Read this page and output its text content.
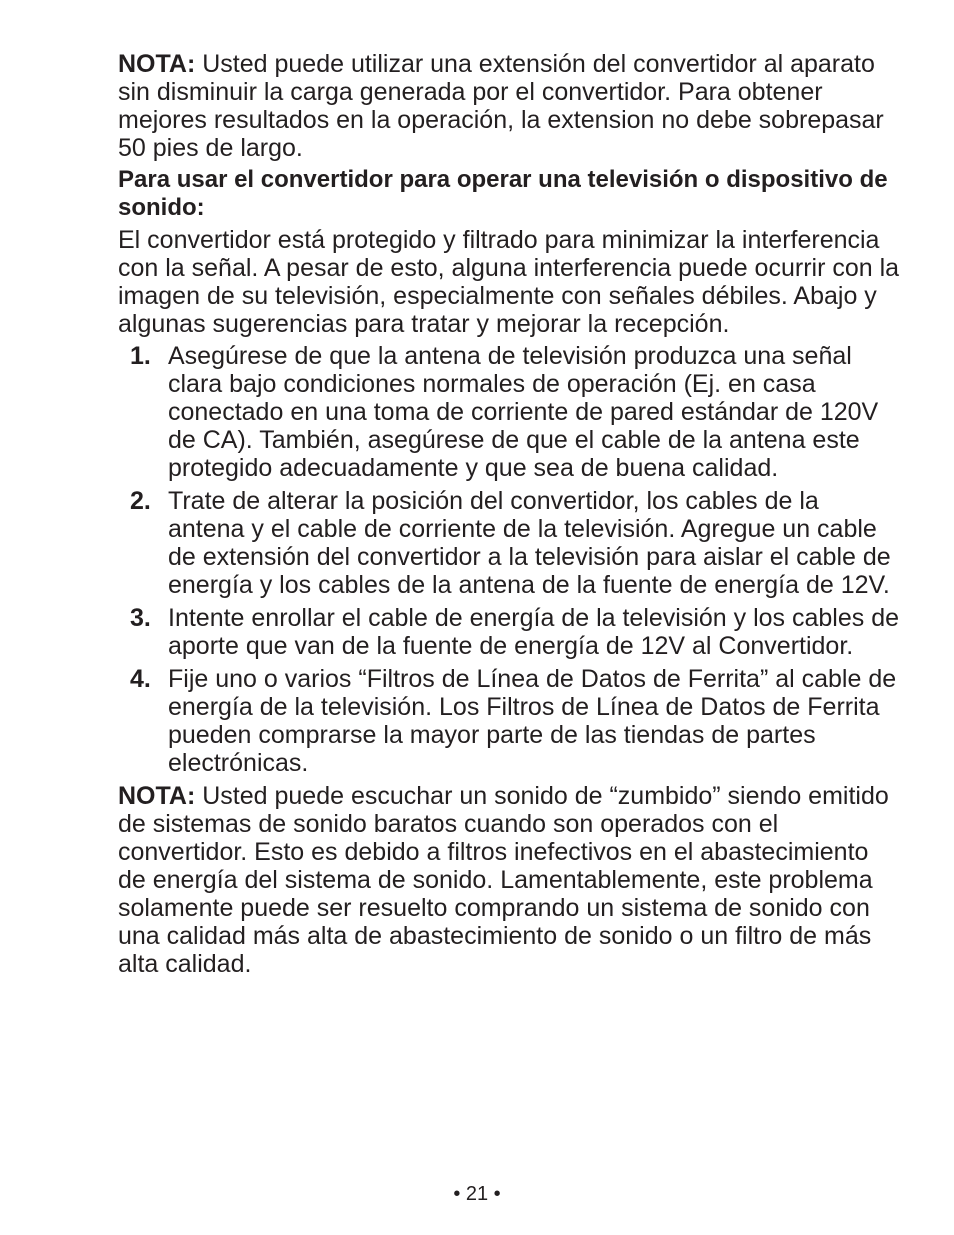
NOTA: Usted puede utilizar una extensión del convertidor al aparato sin disminuir la carga generada por el convertidor. Para obtener mejores resultados en la operación, la extension no debe sobrepasar 50 pies de largo.

Para usar el convertidor para operar una televisión o dispositivo de sonido:

El convertidor está protegido y filtrado para minimizar la interferencia con la señal. A pesar de esto, alguna interferencia puede ocurrir con la imagen de su televisión, especialmente con señales débiles. Abajo y algunas sugerencias para tratar y mejorar la recepción.

1. Asegúrese de que la antena de televisión produzca una señal clara bajo condiciones normales de operación (Ej. en casa conectado en una toma de corriente de pared estándar de 120V de CA). También, asegúrese de que el cable de la antena este protegido adecuadamente y que sea de buena calidad.
2. Trate de alterar la posición del convertidor, los cables de la antena y el cable de corriente de la televisión. Agregue un cable de extensión del convertidor a la televisión para aislar el cable de energía y los cables de la antena de la fuente de energía de 12V.
3. Intente enrollar el cable de energía de la televisión y los cables de aporte que van de la fuente de energía de 12V al Convertidor.
4. Fije uno o varios “Filtros de Línea de Datos de Ferrita” al cable de energía de la televisión. Los Filtros de Línea de Datos de Ferrita pueden comprarse la mayor parte de las tiendas de partes electrónicas.

NOTA: Usted puede escuchar un sonido de “zumbido” siendo emitido de sistemas de sonido baratos cuando son operados con el convertidor. Esto es debido a filtros inefectivos en el abastecimiento de energía del sistema de sonido. Lamentablemente, este problema solamente puede ser resuelto comprando un sistema de sonido con una calidad más alta de abastecimiento de sonido o un filtro de más alta calidad.

• 21 •
